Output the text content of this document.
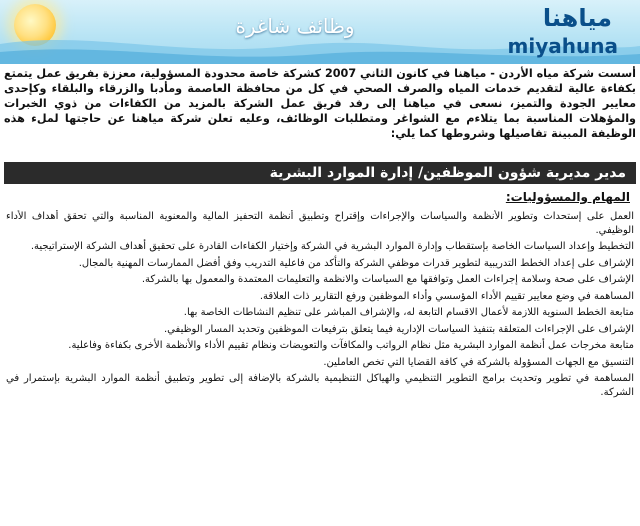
وظائف شاغرة	مياهنا
miyahuna

أسست شركة مياه الأردن - مياهنا في كانون الثاني 2007 كشركة خاصة محدودة المسؤولية، معززة بفريق عمل يتمتع بكفاءة عالية لتقديم خدمات المياه والصرف الصحي في كل من محافظة العاصمة ومأدبا والزرقاء والبلقاء وكإحدى معايير الجودة والتميز، نسعى في مياهنا إلى رفد فريق عمل الشركة بالمزيد من الكفاءات من ذوي الخبرات والمؤهلات المناسبة بما يتلاءم مع الشواغر ومتطلبات الوظائف، وعليه تعلن شركة مياهنا عن حاجتها لملء هذه الوظيفة المبينة تفاصيلها وشروطها كما يلي:

مدير مديرية شؤون الموظفين/ إدارة الموارد البشرية
المهام والمسؤوليات:
• العمل على إستحداث وتطوير الأنظمة والسياسات والإجراءات وإقتراح وتطبيق أنظمة التحفيز المالية والمعنوية المناسبة والتي تحقق أهداف الأداء الوظيفي.
• التخطيط وإعداد السياسات الخاصة بإستقطاب وإدارة الموارد البشرية في الشركة وإختيار الكفاءات القادرة على تحقيق أهداف الشركة الإستراتيجية.
• الإشراف على إعداد الخطط التدريبية لتطوير قدرات موظفي الشركة والتأكد من فاعلية التدريب وفق أفضل الممارسات المهنية بالمجال.
• الإشراف على صحة وسلامة إجراءات العمل وتوافقها مع السياسات والانظمة والتعليمات المعتمدة والمعمول بها بالشركة.
• المساهمة في وضع معايير تقييم الأداء المؤسسي وأداء الموظفين ورفع التقارير ذات العلاقة.
• متابعة الخطط السنوية اللازمة لأعمال الاقسام التابعة له، والإشراف المباشر على تنظيم النشاطات الخاصة بها.
• الإشراف على الإجراءات المتعلقة بتنفيذ السياسات الإدارية فيما يتعلق بترفيعات الموظفين وتحديد المسار الوظيفي.
• متابعة مخرجات عمل أنظمة الموارد البشرية مثل نظام الرواتب والمكافآت والتعويضات ونظام تقييم الأداء والأنظمة الأخرى بكفاءة وفاعلية.
• التنسيق مع الجهات المسؤولة بالشركة في كافة القضايا التي تخص العاملين.
• المساهمة في تطوير وتحديث برامج التطوير التنظيمي والهياكل التنظيمية بالشركة بالإضافة إلى تطوير وتطبيق أنظمة الموارد البشرية بإستمرار في الشركة.
